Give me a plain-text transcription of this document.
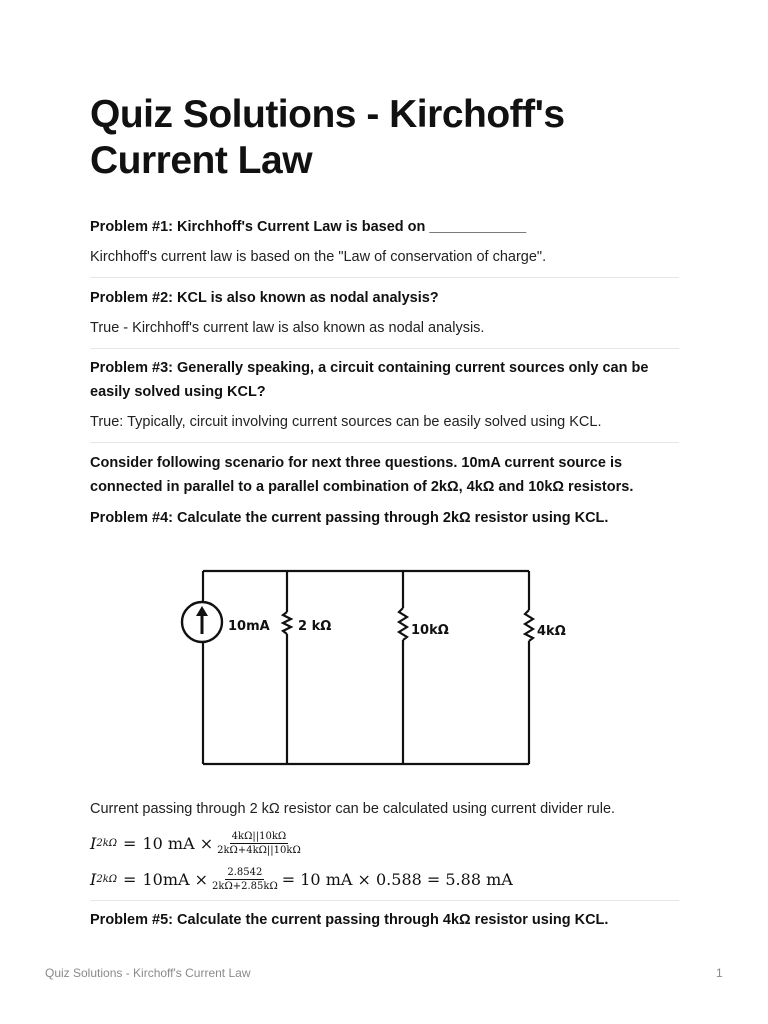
Quiz Solutions - Kirchoff's Current Law

Problem #1: Kirchhoff's Current Law is based on ____________

Kirchhoff's current law is based on the "Law of conservation of charge".

Problem #2: KCL is also known as nodal analysis?

True - Kirchhoff's current law is also known as nodal analysis.

Problem #3: Generally speaking, a circuit containing current sources only can be easily solved using KCL?

True: Typically, circuit involving current sources can be easily solved using KCL.

Consider following scenario for next three questions. 10mA current source is connected in parallel to a parallel combination of 2kΩ, 4kΩ and 10kΩ resistors.

Problem #4: Calculate the current passing through 2kΩ resistor using KCL.

10mA 2 kΩ	10kΩ	4kΩ

Current passing through 2 kΩ resistor can be calculated using current divider rule.

I 2kΩ = 10 mA × $\frac{4k\Omega||10k\Omega}{2k\Omega+4k\Omega||10k\Omega}$
I $2k\Omega = 10mA \times \frac{2.8542}{2k\Omega+2.85k\Omega} = 10$ mA × 0.588 = 5.88 mA

Problem #5: Calculate the current passing through 4kΩ resistor using KCL.

Quiz Solutions - Kirchoff's Current Law	1
